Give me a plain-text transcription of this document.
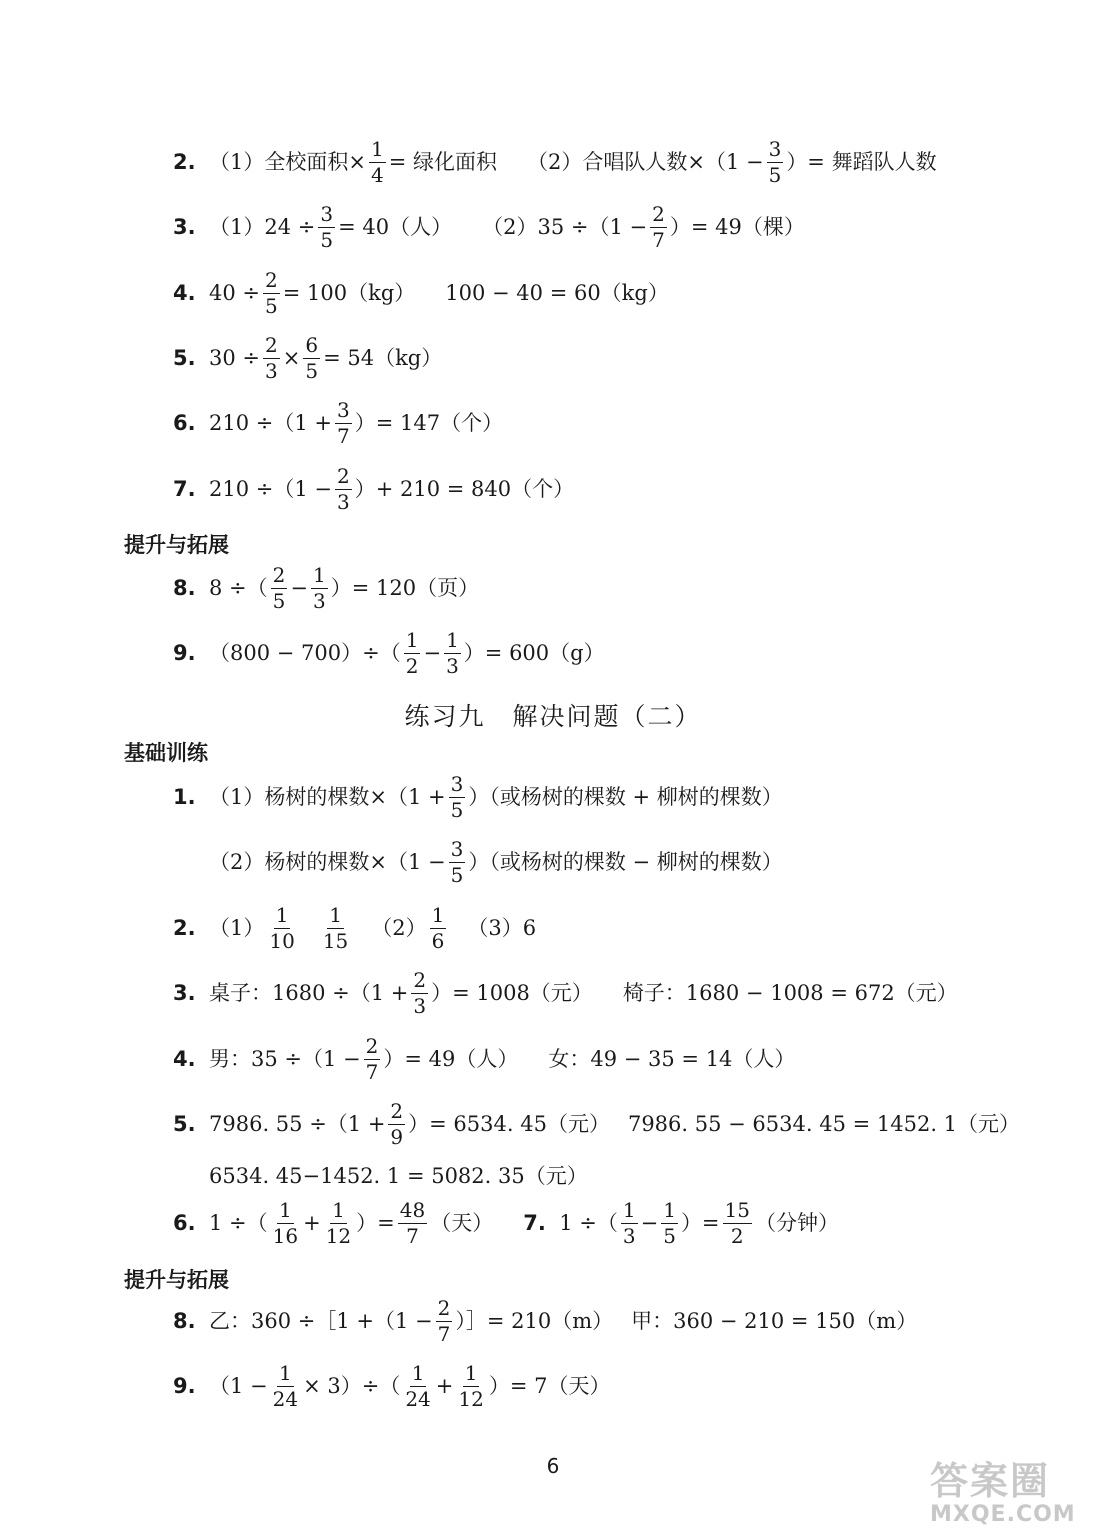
2. （1）全校面积× $\frac{1}{4}$ = 绿化面积 （2）合唱队人数$\times(1 - \frac{3}{5}$ ）= 舞蹈队人数
3. $(1)24 \div \frac{3}{5} = 40$（人） $(2)35 \div(1 - \frac{2}{7}$ ）= 49（棵）
4. $40 \div \frac{2}{5} = 100(kg) 100 - 40 = 60(kg)$
5. $30 \div \frac{2}{3} \times \frac{6}{5} = 54(kg)$
6. $210 \div(1 + \frac{3}{7}$ ）= 147（个）
7. $210 \div(1 - \frac{2}{3}$ ）+ 210 = 840（个）
提升与拓展
8. 8 ÷（ $\frac{2}{5} - \frac{1}{3}$ ）= 120（页）
9. $(800 - 700)\div( \frac{1}{2} - \frac{1}{3}$ ）= 600（g）
练习九　解决问题（二）
基础训练
1. （1）杨树的棵数$\times(1 + \frac{3}{5}$ ）（或杨树的棵数 + 柳树的棵数）
（2）杨树的棵数$\times(1 - \frac{3}{5}$ ）（或杨树的棵数 − 柳树的棵数）
2. $(1) \frac{1}{10} \frac{1}{15} (2) \frac{1}{6} (3)6$
3. 桌子：$1680 \div(1 + \frac{2}{3}$ ）= 1008（元） 椅子：1680 − 1008 = 672（元）
4. 男：$35 \div(1 - \frac{2}{7}$ ）= 49（人） 女：49 − 35 = 14（人）
5. 7986. $55 \div(1 + \frac{2}{9}$ ）= 6534. 45（元） 7986. 55 − 6534. 45 = 1452. 1（元）
6534. 45−1452. 1 = 5082. 35（元）
6. 1 ÷（ $\frac{1}{16} + \frac{1}{12}$ ）= $\frac{48}{7}$ （天） 7. 1 ÷（ $\frac{1}{3} - \frac{1}{5}$ ）= $\frac{15}{2}$ （分钟）
提升与拓展
8. 乙：360 ÷［1 $+(1 - \frac{2}{7}$ ）］= 210（m） 甲：360 − 210 = 150（m）
9. $(1 - \frac{1}{24} \times 3)\div( \frac{1}{24} + \frac{1}{12}$ ）= 7（天）
6	答案圈
MXQE.COM
